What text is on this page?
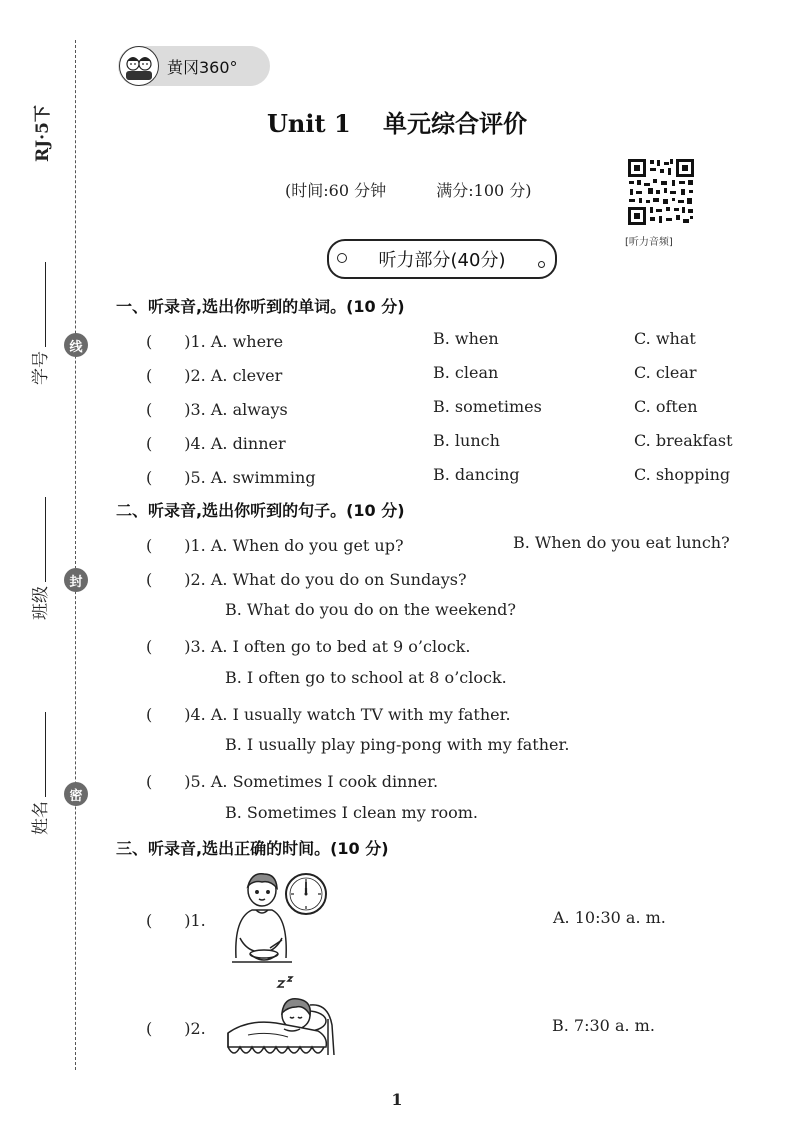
RJ·5下
学号
班级
姓名
线
封
密
黄冈360°
Unit 1 单元综合评价
(时间:60 分钟	满分:100 分)
[听力音频]
听力部分(40分)
一、听录音,选出你听到的单词。(10 分)
(　　)1. A. where	B. when	C. what
(　　)2. A. clever	B. clean	C. clear
(　　)3. A. always	B. sometimes	C. often
(　　)4. A. dinner	B. lunch	C. breakfast
(　　)5. A. swimming	B. dancing	C. shopping
二、听录音,选出你听到的句子。(10 分)
(　　)1. A. When do you get up?	B. When do you eat lunch?
(　　)2. A. What do you do on Sundays?
B. What do you do on the weekend?
(　　)3. A. I often go to bed at 9 o’clock.
B. I often go to school at 8 o’clock.
(　　)4. A. I usually watch TV with my father.
B. I usually play ping-pong with my father.
(　　)5. A. Sometimes I cook dinner.
B. Sometimes I clean my room.
三、听录音,选出正确的时间。(10 分)
(　　)1.	A. 10:30 a. m.
(　　)2.	B. 7:30 a. m.
1
